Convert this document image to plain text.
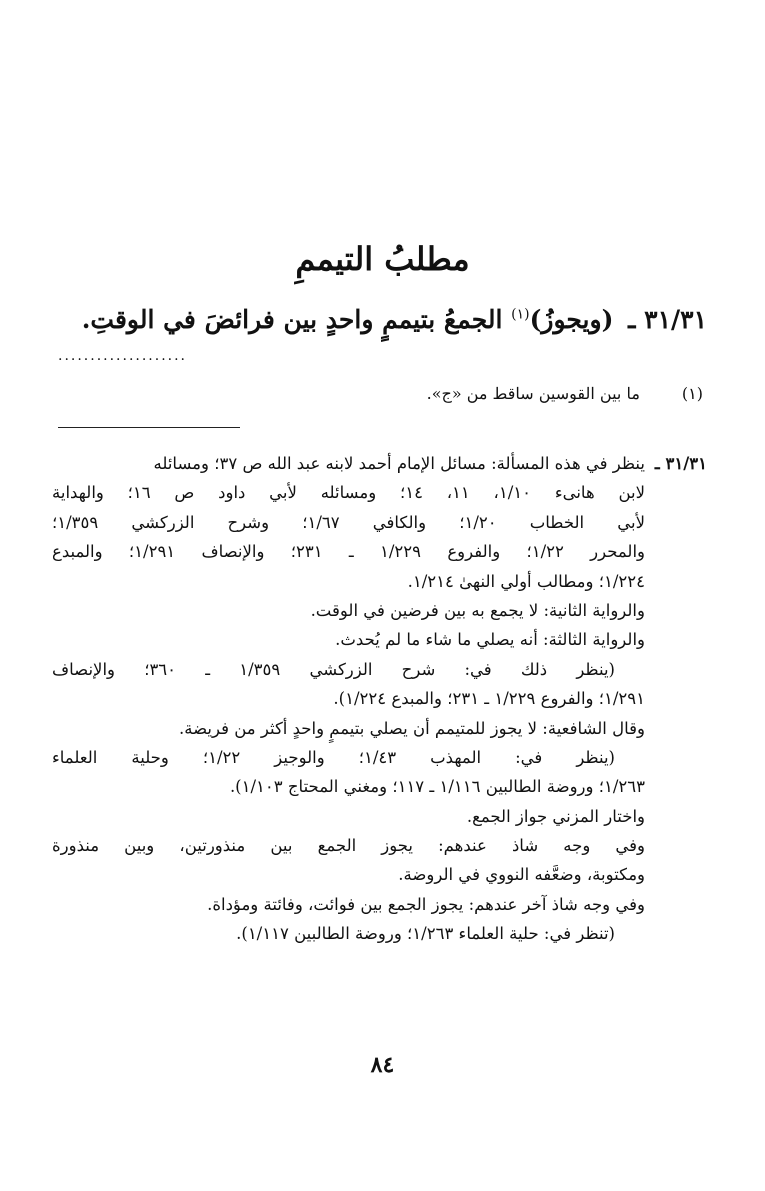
مطلبُ التيممِ
٣١/٣١ ـ (ويجوزُ)$^{(١)}$ الجمعُ بتيممٍ واحدٍ بين فرائضَ في الوقتِ.
....................
(١) ما بين القوسين ساقط من «ج».
٣١/٣١ ـينظر في هذه المسألة: مسائل الإمام أحمد لابنه عبد الله ص ٣٧؛ ومسائله
لابن هانىء ١/١٠، ١١، ١٤؛ ومسائله لأبي داود ص ١٦؛ والهداية
لأبي الخطاب ١/٢٠؛ والكافي ١/٦٧؛ وشرح الزركشي ١/٣٥٩؛
والمحرر ١/٢٢؛ والفروع ١/٢٢٩ ـ ٢٣١؛ والإنصاف ١/٢٩١؛ والمبدع
١/٢٢٤؛ ومطالب أولي النهىٰ ١/٢١٤.
والرواية الثانية: لا يجمع به بين فرضين في الوقت.
والرواية الثالثة: أنه يصلي ما شاء ما لم يُحدث.
(ينظر ذلك في: شرح الزركشي ١/٣٥٩ ـ ٣٦٠؛ والإنصاف
١/٢٩١؛ والفروع ١/٢٢٩ ـ ٢٣١؛ والمبدع ١/٢٢٤).
وقال الشافعية: لا يجوز للمتيمم أن يصلي بتيممٍ واحدٍ أكثر من فريضة.
(ينظر في: المهذب ١/٤٣؛ والوجيز ١/٢٢؛ وحلية العلماء
١/٢٦٣؛ وروضة الطالبين ١/١١٦ ـ ١١٧؛ ومغني المحتاج ١/١٠٣).
واختار المزني جواز الجمع.
وفي وجه شاذ عندهم: يجوز الجمع بين منذورتين، وبين منذورة
ومكتوبة، وضعَّفه النووي في الروضة.
وفي وجه شاذ آخر عندهم: يجوز الجمع بين فوائت، وفائتة ومؤداة.
(تنظر في: حلية العلماء ١/٢٦٣؛ وروضة الطالبين ١/١١٧).
٨٤
